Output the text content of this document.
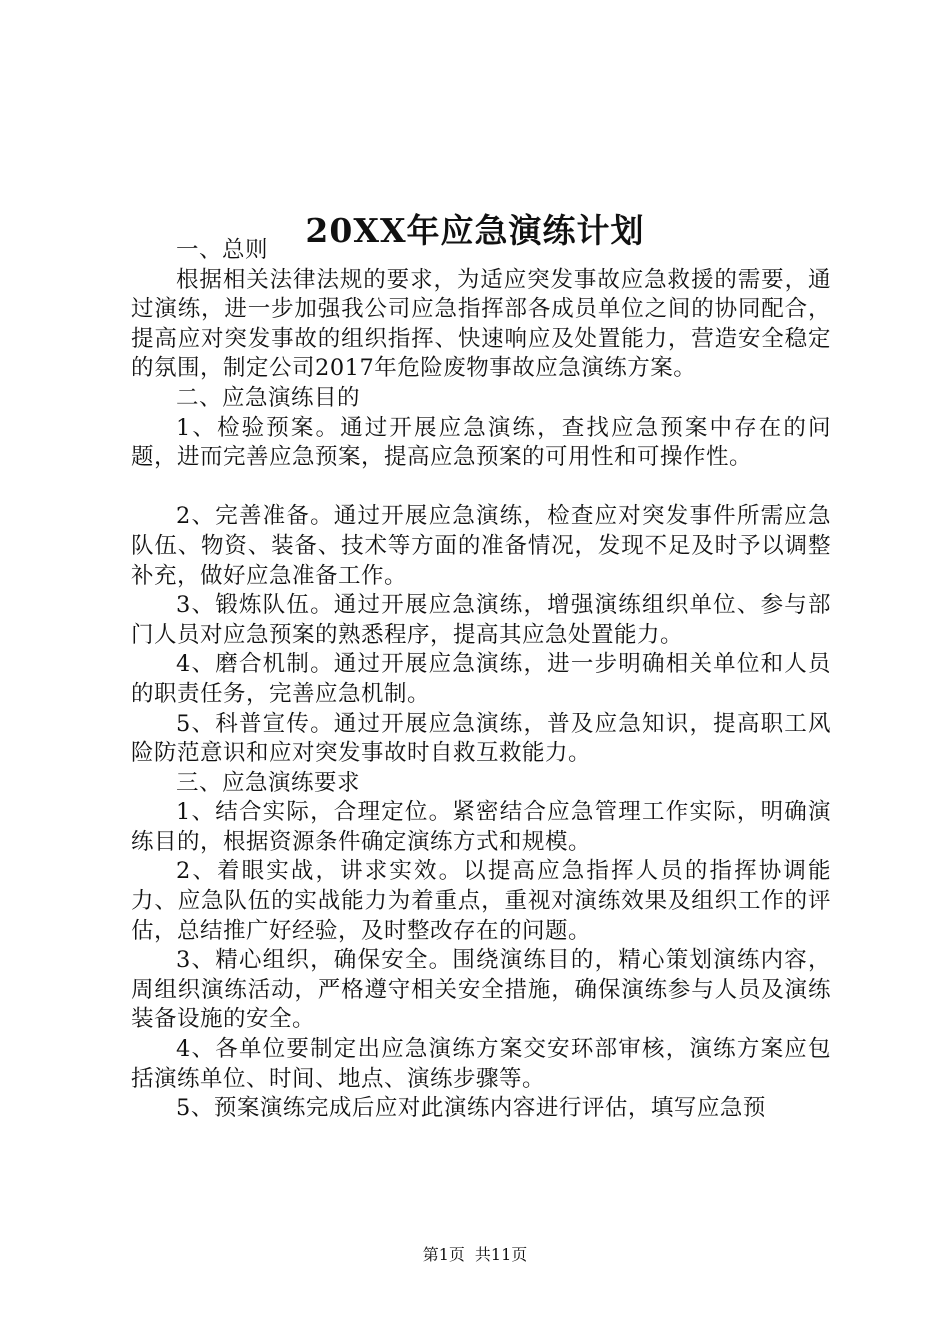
20XX年应急演练计划

一、总则

根据相关法律法规的要求，为适应突发事故应急救援的需要，通过演练，进一步加强我公司应急指挥部各成员单位之间的协同配合，提高应对突发事故的组织指挥、快速响应及处置能力，营造安全稳定的氛围，制定公司2017年危险废物事故应急演练方案。

二、应急演练目的

1、检验预案。通过开展应急演练，查找应急预案中存在的问题，进而完善应急预案，提高应急预案的可用性和可操作性。

2、完善准备。通过开展应急演练，检查应对突发事件所需应急队伍、物资、装备、技术等方面的准备情况，发现不足及时予以调整补充，做好应急准备工作。

3、锻炼队伍。通过开展应急演练，增强演练组织单位、参与部门人员对应急预案的熟悉程序，提高其应急处置能力。

4、磨合机制。通过开展应急演练，进一步明确相关单位和人员的职责任务，完善应急机制。

5、科普宣传。通过开展应急演练，普及应急知识，提高职工风险防范意识和应对突发事故时自救互救能力。

三、应急演练要求

1、结合实际，合理定位。紧密结合应急管理工作实际，明确演练目的，根据资源条件确定演练方式和规模。

2、着眼实战，讲求实效。以提高应急指挥人员的指挥协调能力、应急队伍的实战能力为着重点，重视对演练效果及组织工作的评估，总结推广好经验，及时整改存在的问题。

3、精心组织，确保安全。围绕演练目的，精心策划演练内容，周组织演练活动，严格遵守相关安全措施，确保演练参与人员及演练装备设施的安全。

4、各单位要制定出应急演练方案交安环部审核，演练方案应包括演练单位、时间、地点、演练步骤等。

5、预案演练完成后应对此演练内容进行评估，填写应急预

第1页 共11页
